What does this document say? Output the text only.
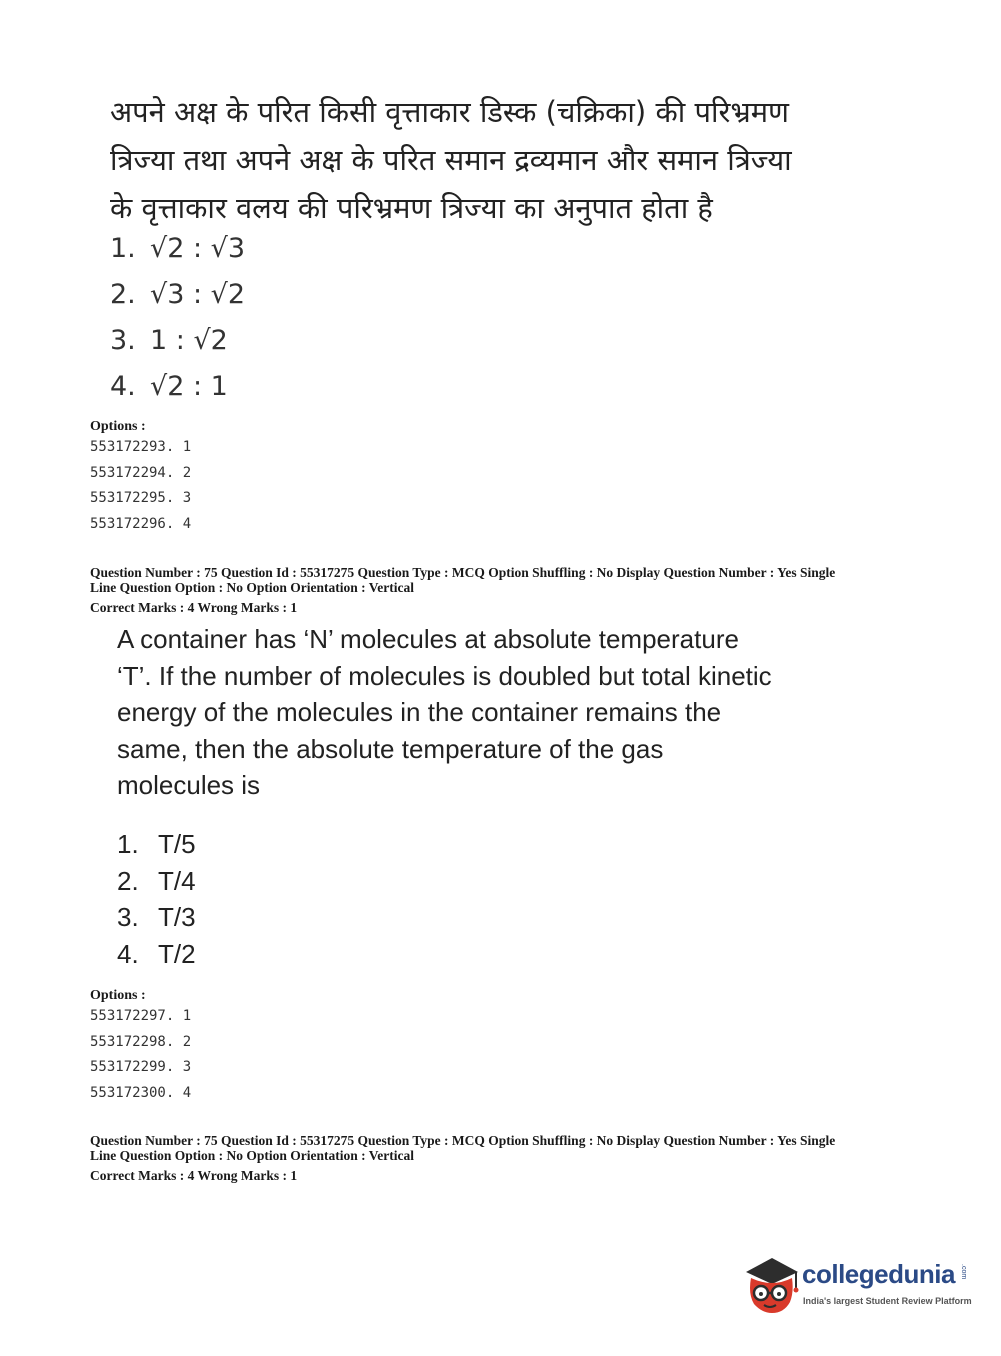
अपने अक्ष के परित किसी वृत्ताकार डिस्क (चक्रिका) की परिभ्रमण
त्रिज्या तथा अपने अक्ष के परित समान द्रव्यमान और समान त्रिज्या
के वृत्ताकार वलय की परिभ्रमण त्रिज्या का अनुपात होता है
1. √2 : √3
2. √3 : √2
3. 1 : √2
4. √2 : 1
Options :
553172293. 1
553172294. 2
553172295. 3
553172296. 4
Question Number : 75 Question Id : 55317275 Question Type : MCQ Option Shuffling : No Display Question Number : Yes Single
Line Question Option : No Option Orientation : Vertical
Correct Marks : 4 Wrong Marks : 1
A container has ‘N’ molecules at absolute temperature
‘T’. If the number of molecules is doubled but total kinetic
energy of the molecules in the container remains the
same, then the absolute temperature of the gas
molecules is
1. T/5
2. T/4
3. T/3
4. T/2
Options :
553172297. 1
553172298. 2
553172299. 3
553172300. 4
Question Number : 75 Question Id : 55317275 Question Type : MCQ Option Shuffling : No Display Question Number : Yes Single
Line Question Option : No Option Orientation : Vertical
Correct Marks : 4 Wrong Marks : 1
collegedunia .com
India's largest Student Review Platform
